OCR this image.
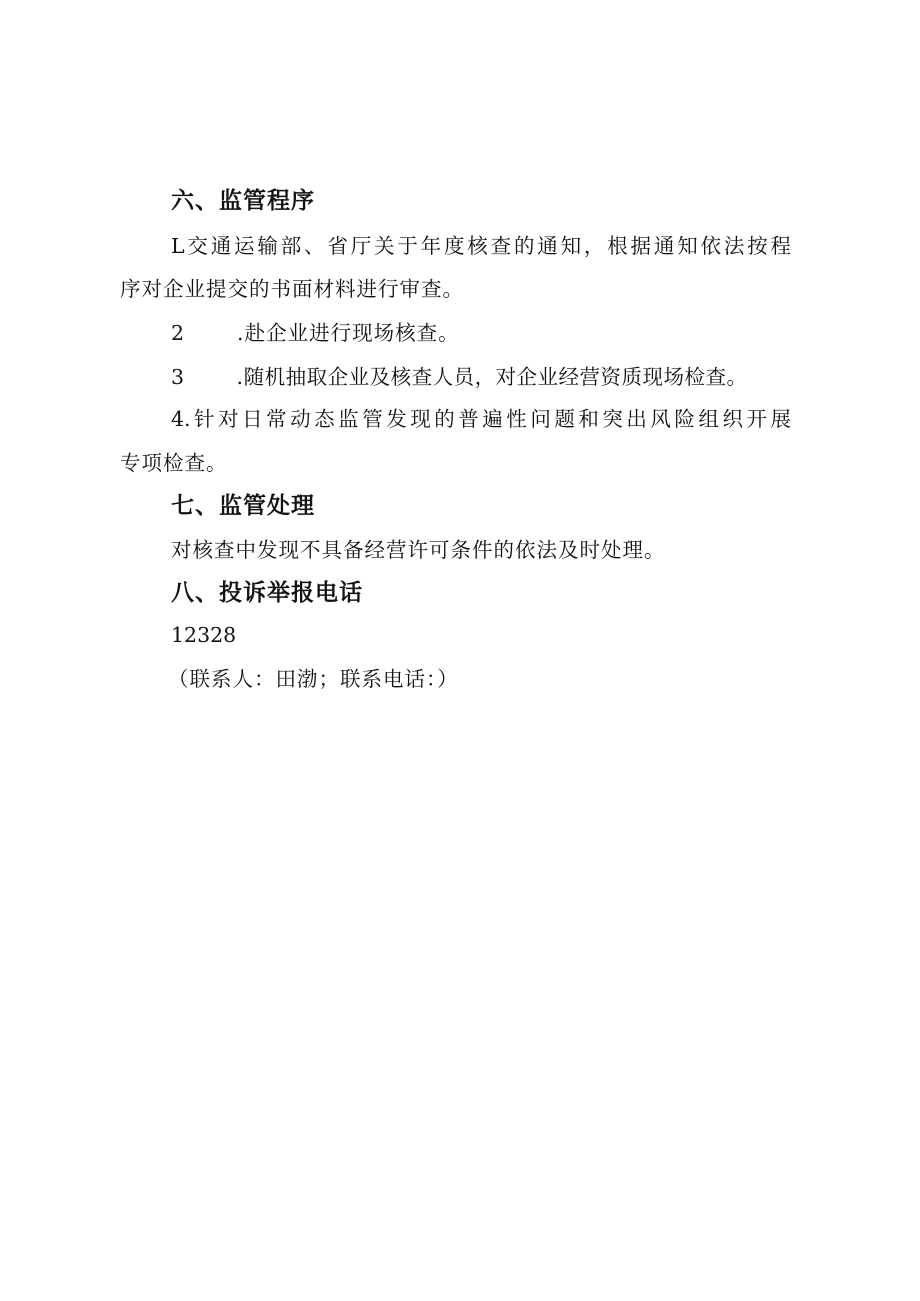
六、监管程序
L交通运输部、省厅关于年度核查的通知，根据通知依法按程
序对企业提交的书面材料进行审查。
2	.赴企业进行现场核查。
3	.随机抽取企业及核查人员，对企业经营资质现场检查。
4.针对日常动态监管发现的普遍性问题和突出风险组织开展
专项检查。
七、监管处理
对核查中发现不具备经营许可条件的依法及时处理。
八、投诉举报电话
12328
（联系人：田渤；联系电话：）
